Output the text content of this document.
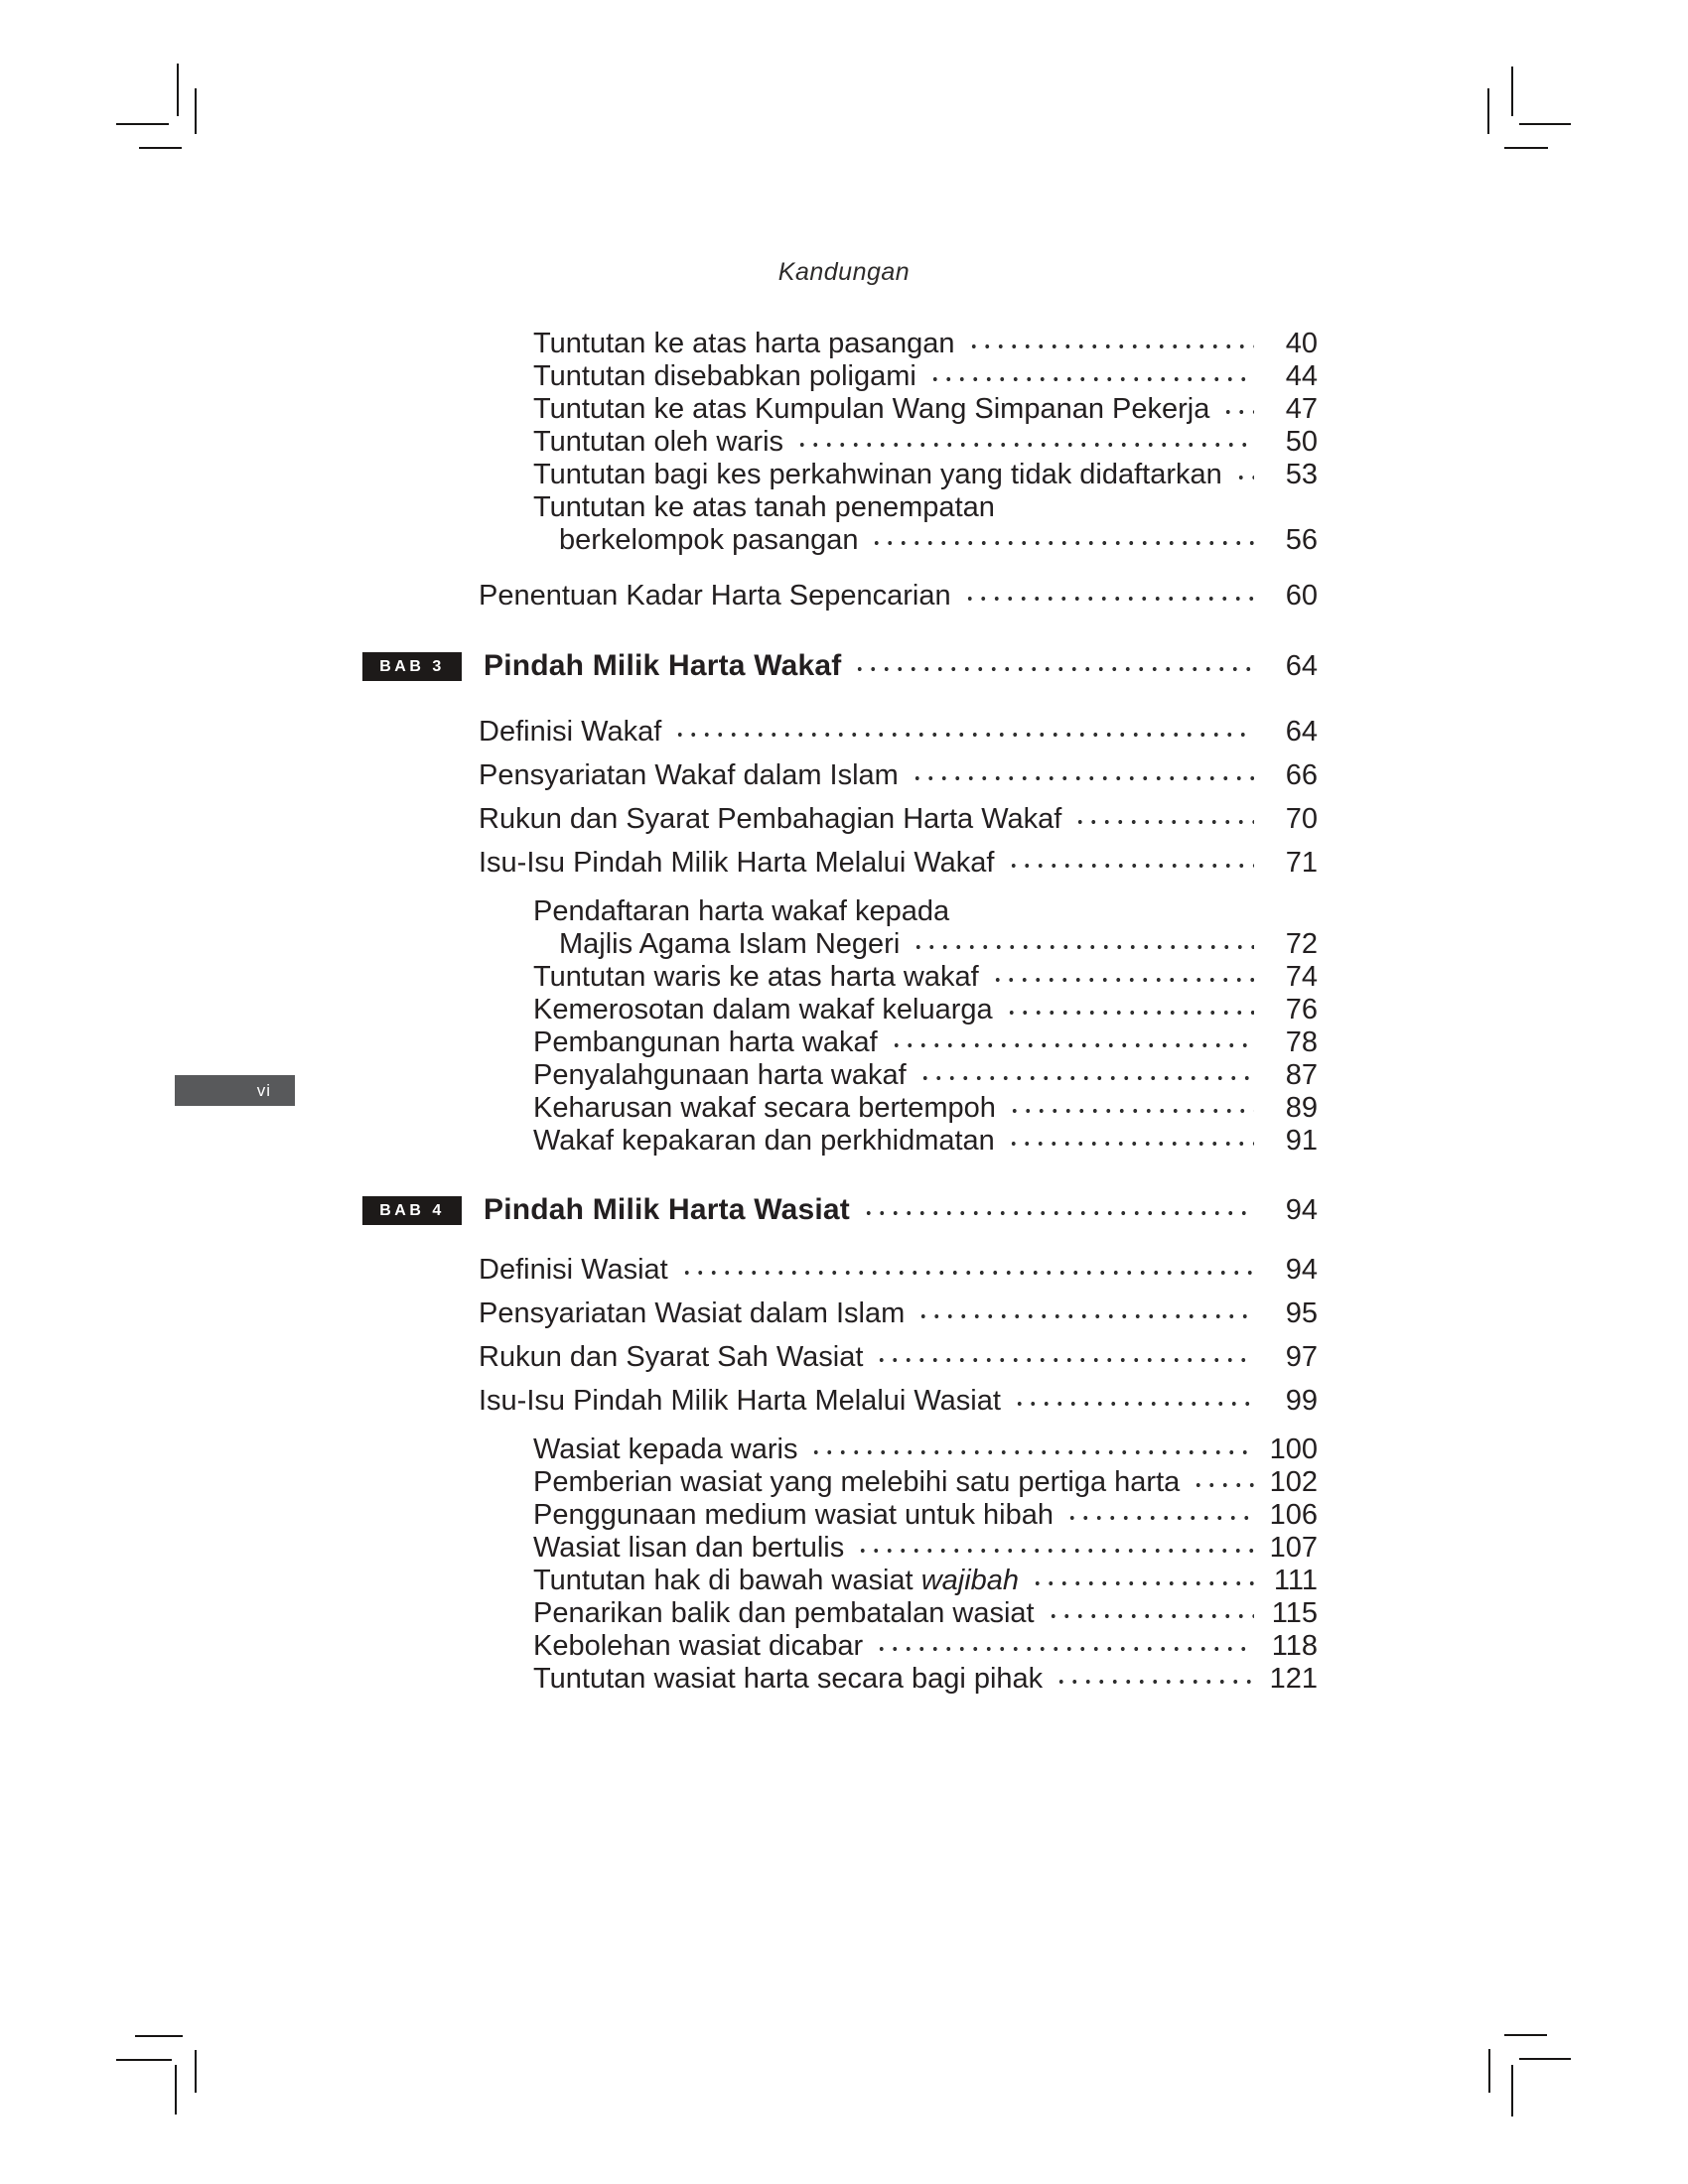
Kandungan
vi
Tuntutan ke atas harta pasangan	40
Tuntutan disebabkan poligami	44
Tuntutan ke atas Kumpulan Wang Simpanan Pekerja	47
Tuntutan oleh waris	50
Tuntutan bagi kes perkahwinan yang tidak didaftarkan	53
Tuntutan ke atas tanah penempatan
berkelompok pasangan	56
Penentuan Kadar Harta Sepencarian	60
BAB 3	Pindah Milik Harta Wakaf	64
Definisi Wakaf	64
Pensyariatan Wakaf dalam Islam	66
Rukun dan Syarat Pembahagian Harta Wakaf	70
Isu-Isu Pindah Milik Harta Melalui Wakaf	71
Pendaftaran harta wakaf kepada
Majlis Agama Islam Negeri	72
Tuntutan waris ke atas harta wakaf	74
Kemerosotan dalam wakaf keluarga	76
Pembangunan harta wakaf	78
Penyalahgunaan harta wakaf	87
Keharusan wakaf secara bertempoh	89
Wakaf kepakaran dan perkhidmatan	91
BAB 4	Pindah Milik Harta Wasiat	94
Definisi Wasiat	94
Pensyariatan Wasiat dalam Islam	95
Rukun dan Syarat Sah Wasiat	97
Isu-Isu Pindah Milik Harta Melalui Wasiat	99
Wasiat kepada waris	100
Pemberian wasiat yang melebihi satu pertiga harta	102
Penggunaan medium wasiat untuk hibah	106
Wasiat lisan dan bertulis	107
Tuntutan hak di bawah wasiat wajibah	111
Penarikan balik dan pembatalan wasiat	115
Kebolehan wasiat dicabar	118
Tuntutan wasiat harta secara bagi pihak	121
